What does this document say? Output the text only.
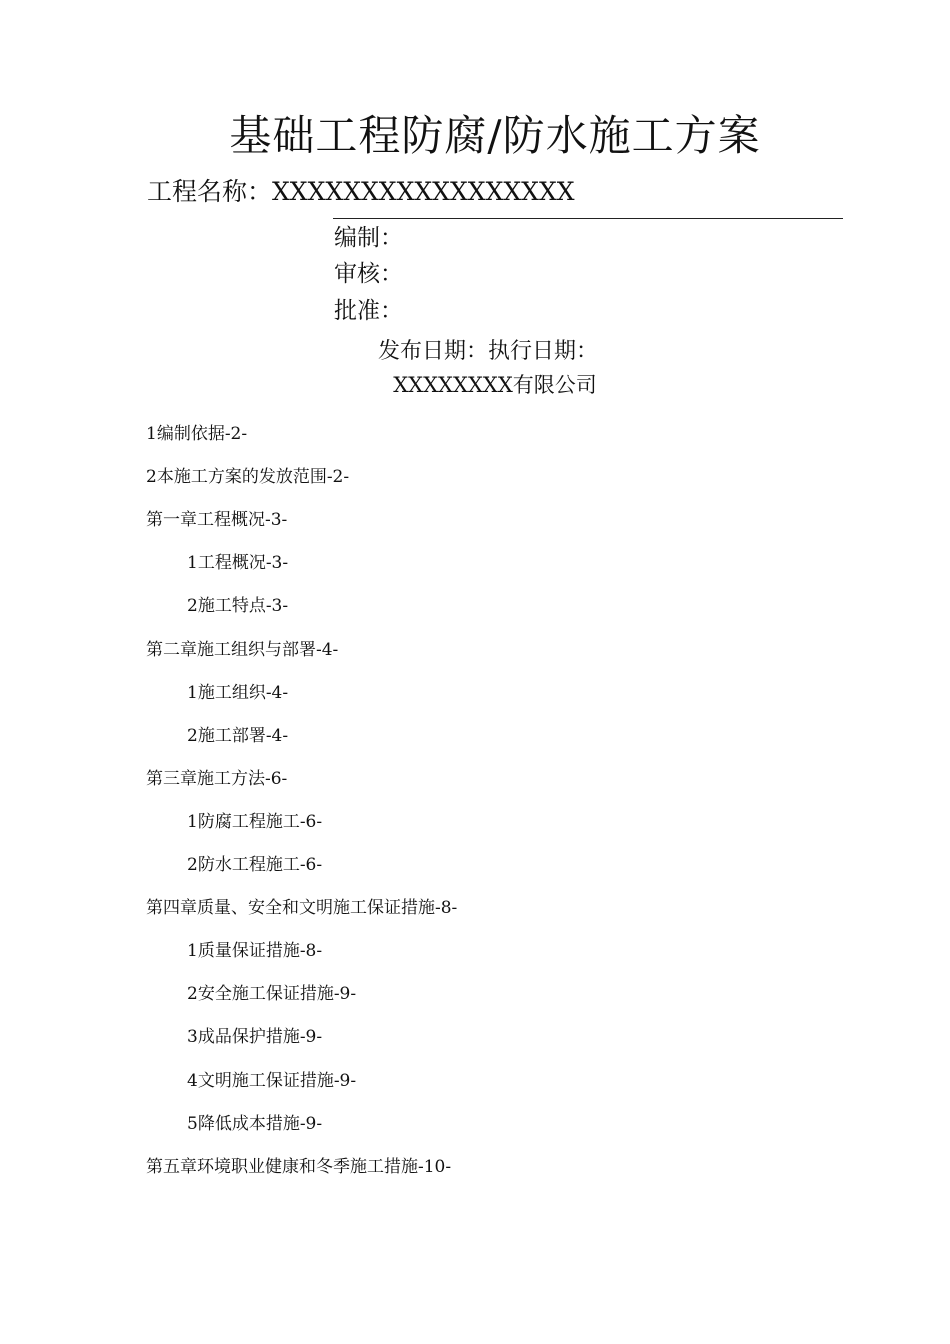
基础工程防腐/防水施工方案
工程名称：XXXXXXXXXXXXXXXXX
编制：
审核：
批准：
发布日期：执行日期：
XXXXXXXX有限公司
1编制依据-2-
2本施工方案的发放范围-2-
第一章工程概况-3-
1工程概况-3-
2施工特点-3-
第二章施工组织与部署-4-
1施工组织-4-
2施工部署-4-
第三章施工方法-6-
1防腐工程施工-6-
2防水工程施工-6-
第四章质量、安全和文明施工保证措施-8-
1质量保证措施-8-
2安全施工保证措施-9-
3成品保护措施-9-
4文明施工保证措施-9-
5降低成本措施-9-
第五章环境职业健康和冬季施工措施-10-
